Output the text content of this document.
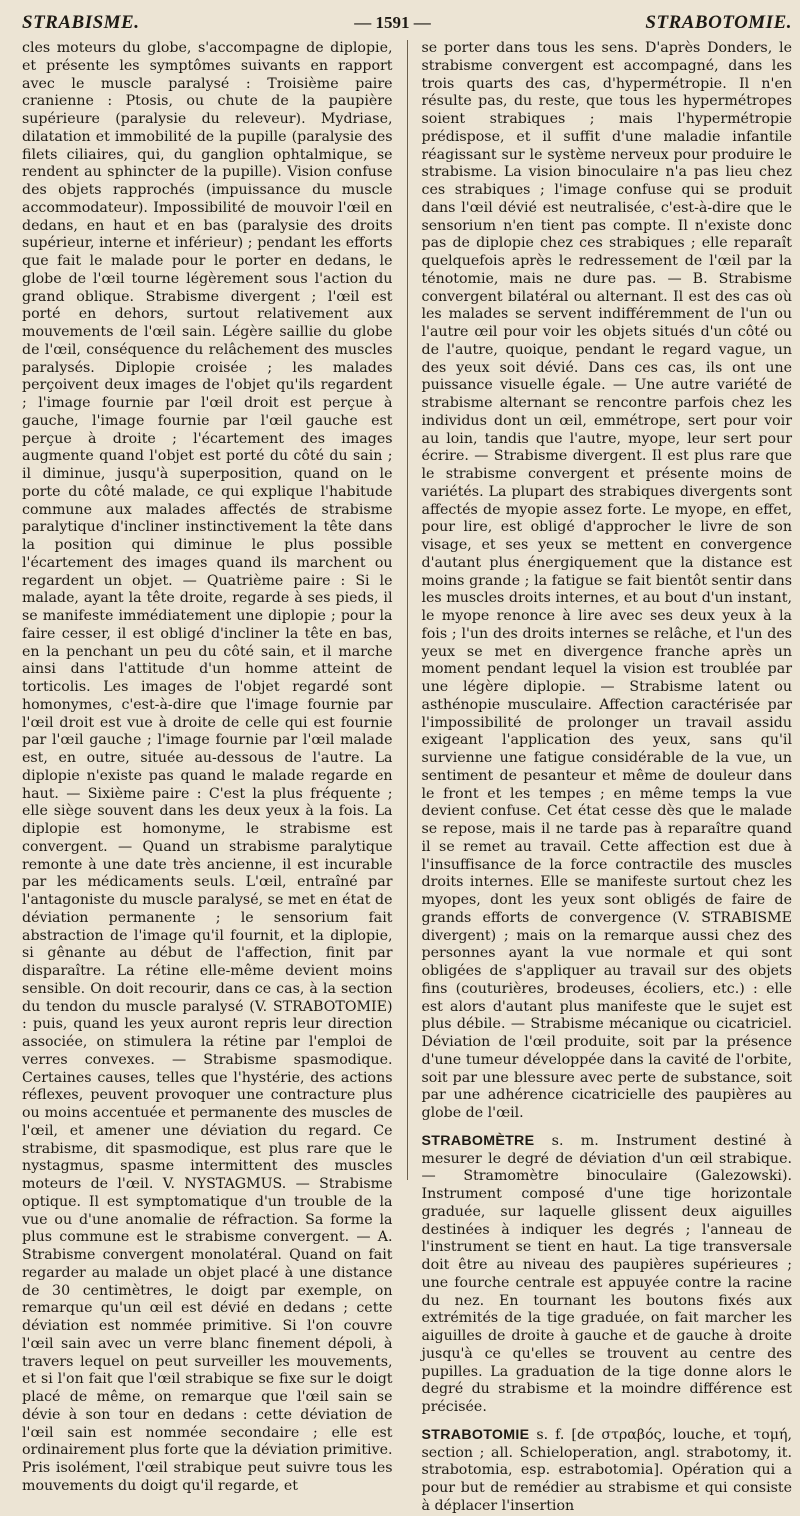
STRABISME.	— 1591 —	STRABOTOMIE.

cles moteurs du globe, s'accompagne de diplopie, et présente les symptômes suivants en rapport avec le muscle paralysé : Troisième paire cranienne : Ptosis, ou chute de la paupière supérieure (paralysie du releveur). Mydriase, dilatation et immobilité de la pupille (paralysie des filets ciliaires, qui, du ganglion ophtalmique, se rendent au sphincter de la pupille). Vision confuse des objets rapprochés (impuissance du muscle accommodateur). Impossibilité de mouvoir l'œil en dedans, en haut et en bas (paralysie des droits supérieur, interne et inférieur) ; pendant les efforts que fait le malade pour le porter en dedans, le globe de l'œil tourne légèrement sous l'action du grand oblique. Strabisme divergent ; l'œil est porté en dehors, surtout relativement aux mouvements de l'œil sain. Légère saillie du globe de l'œil, conséquence du relâchement des muscles paralysés. Diplopie croisée ; les malades perçoivent deux images de l'objet qu'ils regardent ; l'image fournie par l'œil droit est perçue à gauche, l'image fournie par l'œil gauche est perçue à droite ; l'écartement des images augmente quand l'objet est porté du côté du sain ; il diminue, jusqu'à superposition, quand on le porte du côté malade, ce qui explique l'habitude commune aux malades affectés de strabisme paralytique d'incliner instinctivement la tête dans la position qui diminue le plus possible l'écartement des images quand ils marchent ou regardent un objet. — Quatrième paire : Si le malade, ayant la tête droite, regarde à ses pieds, il se manifeste immédiatement une diplopie ; pour la faire cesser, il est obligé d'incliner la tête en bas, en la penchant un peu du côté sain, et il marche ainsi dans l'attitude d'un homme atteint de torticolis. Les images de l'objet regardé sont homonymes, c'est-à-dire que l'image fournie par l'œil droit est vue à droite de celle qui est fournie par l'œil gauche ; l'image fournie par l'œil malade est, en outre, située au-dessous de l'autre. La diplopie n'existe pas quand le malade regarde en haut. — Sixième paire : C'est la plus fréquente ; elle siège souvent dans les deux yeux à la fois. La diplopie est homonyme, le strabisme est convergent. — Quand un strabisme paralytique remonte à une date très ancienne, il est incurable par les médicaments seuls. L'œil, entraîné par l'antagoniste du muscle paralysé, se met en état de déviation permanente ; le sensorium fait abstraction de l'image qu'il fournit, et la diplopie, si gênante au début de l'affection, finit par disparaître. La rétine elle-même devient moins sensible. On doit recourir, dans ce cas, à la section du tendon du muscle paralysé (V. STRABOTOMIE) : puis, quand les yeux auront repris leur direction associée, on stimulera la rétine par l'emploi de verres convexes. — Strabisme spasmodique. Certaines causes, telles que l'hystérie, des actions réflexes, peuvent provoquer une contracture plus ou moins accentuée et permanente des muscles de l'œil, et amener une déviation du regard. Ce strabisme, dit spasmodique, est plus rare que le nystagmus, spasme intermittent des muscles moteurs de l'œil. V. NYSTAGMUS. — Strabisme optique. Il est symptomatique d'un trouble de la vue ou d'une anomalie de réfraction. Sa forme la plus commune est le strabisme convergent. — A. Strabisme convergent monolatéral. Quand on fait regarder au malade un objet placé à une distance de 30 centimètres, le doigt par exemple, on remarque qu'un œil est dévié en dedans ; cette déviation est nommée primitive. Si l'on couvre l'œil sain avec un verre blanc finement dépoli, à travers lequel on peut surveiller les mouvements, et si l'on fait que l'œil strabique se fixe sur le doigt placé de même, on remarque que l'œil sain se dévie à son tour en dedans : cette déviation de l'œil sain est nommée secondaire ; elle est ordinairement plus forte que la déviation primitive. Pris isolément, l'œil strabique peut suivre tous les mouvements du doigt qu'il regarde, et

se porter dans tous les sens. D'après Donders, le strabisme convergent est accompagné, dans les trois quarts des cas, d'hypermétropie. Il n'en résulte pas, du reste, que tous les hypermétropes soient strabiques ; mais l'hypermétropie prédispose, et il suffit d'une maladie infantile réagissant sur le système nerveux pour produire le strabisme. La vision binoculaire n'a pas lieu chez ces strabiques ; l'image confuse qui se produit dans l'œil dévié est neutralisée, c'est-à-dire que le sensorium n'en tient pas compte. Il n'existe donc pas de diplopie chez ces strabiques ; elle reparaît quelquefois après le redressement de l'œil par la ténotomie, mais ne dure pas. — B. Strabisme convergent bilatéral ou alternant. Il est des cas où les malades se servent indifféremment de l'un ou l'autre œil pour voir les objets situés d'un côté ou de l'autre, quoique, pendant le regard vague, un des yeux soit dévié. Dans ces cas, ils ont une puissance visuelle égale. — Une autre variété de strabisme alternant se rencontre parfois chez les individus dont un œil, emmétrope, sert pour voir au loin, tandis que l'autre, myope, leur sert pour écrire. — Strabisme divergent. Il est plus rare que le strabisme convergent et présente moins de variétés. La plupart des strabiques divergents sont affectés de myopie assez forte. Le myope, en effet, pour lire, est obligé d'approcher le livre de son visage, et ses yeux se mettent en convergence d'autant plus énergiquement que la distance est moins grande ; la fatigue se fait bientôt sentir dans les muscles droits internes, et au bout d'un instant, le myope renonce à lire avec ses deux yeux à la fois ; l'un des droits internes se relâche, et l'un des yeux se met en divergence franche après un moment pendant lequel la vision est troublée par une légère diplopie. — Strabisme latent ou asthénopie musculaire. Affection caractérisée par l'impossibilité de prolonger un travail assidu exigeant l'application des yeux, sans qu'il survienne une fatigue considérable de la vue, un sentiment de pesanteur et même de douleur dans le front et les tempes ; en même temps la vue devient confuse. Cet état cesse dès que le malade se repose, mais il ne tarde pas à reparaître quand il se remet au travail. Cette affection est due à l'insuffisance de la force contractile des muscles droits internes. Elle se manifeste surtout chez les myopes, dont les yeux sont obligés de faire de grands efforts de convergence (V. STRABISME divergent) ; mais on la remarque aussi chez des personnes ayant la vue normale et qui sont obligées de s'appliquer au travail sur des objets fins (couturières, brodeuses, écoliers, etc.) : elle est alors d'autant plus manifeste que le sujet est plus débile. — Strabisme mécanique ou cicatriciel. Déviation de l'œil produite, soit par la présence d'une tumeur développée dans la cavité de l'orbite, soit par une blessure avec perte de substance, soit par une adhérence cicatricielle des paupières au globe de l'œil.

STRABOMÈTRE s. m. Instrument destiné à mesurer le degré de déviation d'un œil strabique. — Stramomètre binoculaire (Galezowski). Instrument composé d'une tige horizontale graduée, sur laquelle glissent deux aiguilles destinées à indiquer les degrés ; l'anneau de l'instrument se tient en haut. La tige transversale doit être au niveau des paupières supérieures ; une fourche centrale est appuyée contre la racine du nez. En tournant les boutons fixés aux extrémités de la tige graduée, on fait marcher les aiguilles de droite à gauche et de gauche à droite jusqu'à ce qu'elles se trouvent au centre des pupilles. La graduation de la tige donne alors le degré du strabisme et la moindre différence est précisée.

STRABOTOMIE s. f. [de στραβός, louche, et τομή, section ; all. Schieloperation, angl. strabotomy, it. strabotomia, esp. estrabotomia]. Opération qui a pour but de remédier au strabisme et qui consiste à déplacer l'insertion
